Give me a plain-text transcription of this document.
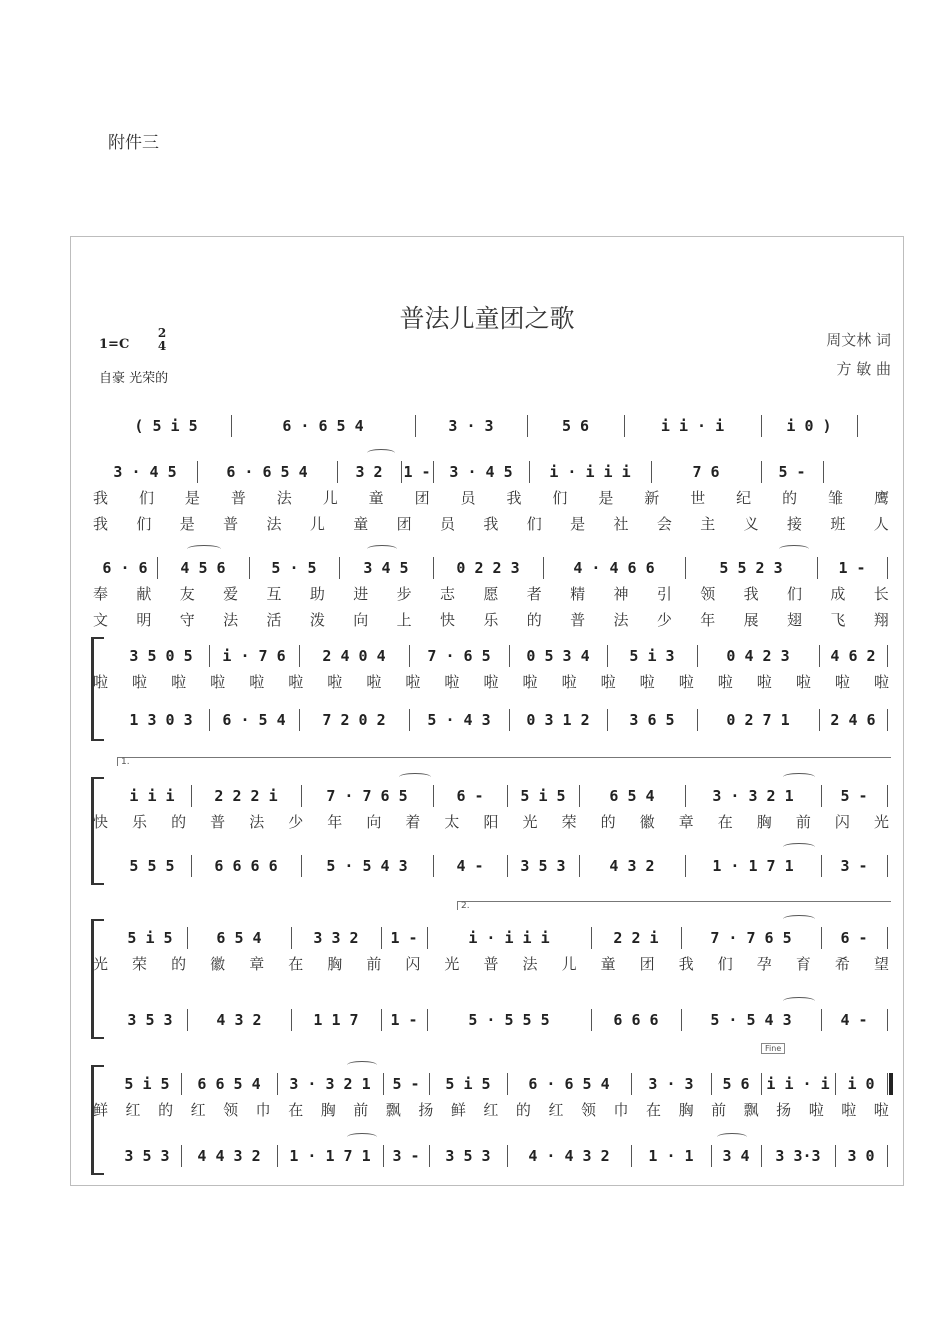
附件三
普法儿童团之歌
1=C
2
4
自豪 光荣的
周文林 词
方 敏 曲
1.
2.
Fine
( 5 i 5	6 · 6 5 4	3 · 3	5 6	i i · i	i 0 )
3 · 4 5	6 · 6 5 4	3 2	1 -	3 · 4 5	i · i i i	7 6	5 -
6 · 6	4 5 6	5 · 5	3 4 5	0 2 2 3	4 · 4 6 6	5 5 2 3	1 -
3 5 0 5	i · 7 6	2 4 0 4	7 · 6 5	0 5 3 4	5 i 3	0 4 2 3	4 6 2
1 3 0 3	6 · 5 4	7 2 0 2	5 · 4 3	0 3 1 2	3 6 5	0 2 7 1	2 4 6
i i i	2 2 2 i	7 · 7 6 5	6 -	5 i 5	6 5 4	3 · 3 2 1	5 -
5 5 5	6 6 6 6	5 · 5 4 3	4 -	3 5 3	4 3 2	1 · 1 7 1	3 -
5 i 5	6 5 4	3 3 2	1 -	i · i i i	2 2 i	7 · 7 6 5	6 -
3 5 3	4 3 2	1 1 7	1 -	5 · 5 5 5	6 6 6	5 · 5 4 3	4 -
5 i 5	6 6 5 4	3 · 3 2 1	5 -	5 i 5	6 · 6 5 4	3 · 3	5 6	i i · i	i 0
3 5 3	4 4 3 2	1 · 1 7 1	3 -	3 5 3	4 · 4 3 2	1 · 1	3 4	3 3·3	3 0
我 们 是 普 法 儿 童 团 员 我 们 是 新 世 纪 的 雏 鹰
我 们 是 普 法 儿 童 团 员 我 们 是 社 会 主 义 接 班 人
奉 献 友 爱 互 助 进 步 志 愿 者 精 神 引 领 我 们 成 长
文 明 守 法 活 泼 向 上 快 乐 的 普 法 少 年 展 翅 飞 翔
啦 啦 啦 啦 啦 啦 啦 啦 啦 啦 啦 啦 啦 啦 啦 啦 啦 啦 啦 啦 啦
快 乐 的 普 法 少 年 向 着 太 阳 光 荣 的 徽 章 在 胸 前 闪 光
光 荣 的 徽 章 在 胸 前 闪 光 普 法 儿 童 团 我 们 孕 育 希 望
鲜 红 的 红 领 巾 在 胸 前 飘 扬 鲜 红 的 红 领 巾 在 胸 前 飘 扬 啦 啦 啦
